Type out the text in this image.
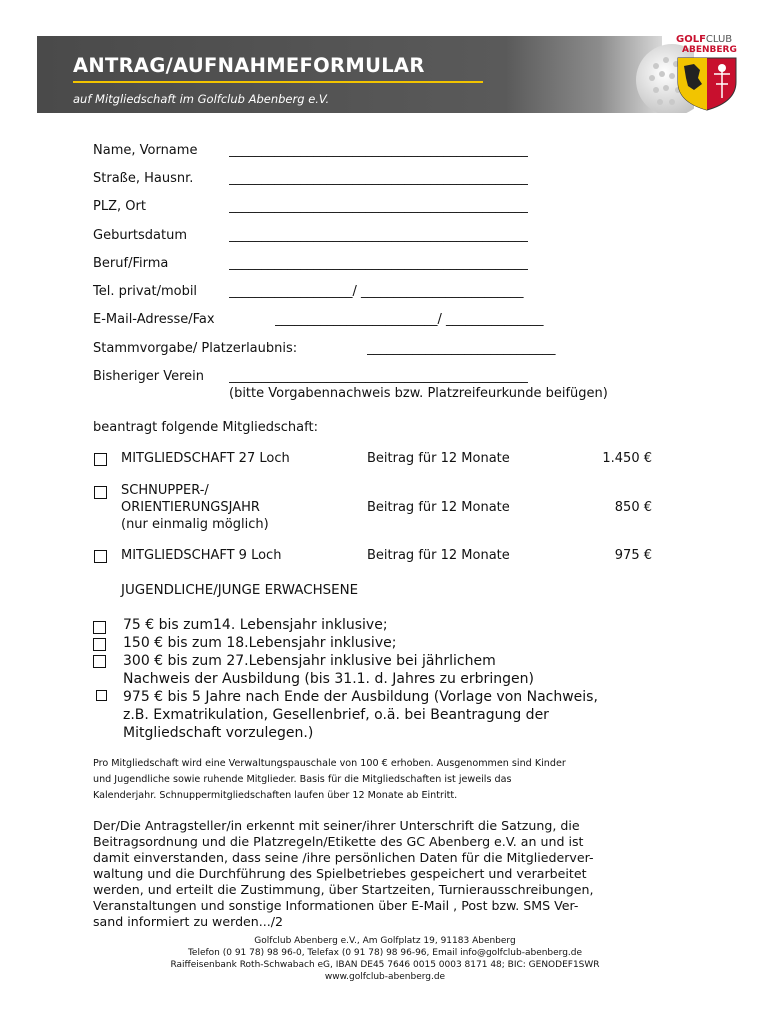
ANTRAG/AUFNAHMEFORMULAR
auf Mitgliedschaft im Golfclub Abenberg e.V.
GOLFCLUB
ABENBERG
Name, Vorname ______________________________________________
Straße, Hausnr.	______________________________________________
PLZ, Ort	______________________________________________
Geburtsdatum	______________________________________________
Beruf/Firma	______________________________________________
Tel. privat/mobil ___________________/ _________________________
E-Mail-Adresse/Fax	_________________________/ _______________
Stammvorgabe/ Platzerlaubnis:	_____________________________
Bisheriger Verein ______________________________________________
(bitte Vorgabennachweis bzw. Platzreifeurkunde beifügen)
beantragt folgende Mitgliedschaft:
MITGLIEDSCHAFT 27 Loch	Beitrag für 12 Monate	1.450 €
SCHNUPPER-/
ORIENTIERUNGSJAHR
(nur einmalig möglich)
Beitrag für 12 Monate	850 €
MITGLIEDSCHAFT 9 Loch	Beitrag für 12 Monate	975 €
JUGENDLICHE/JUNGE ERWACHSENE
75 € bis zum14. Lebensjahr inklusive;
150 € bis zum 18.Lebensjahr inklusive;
300 € bis zum 27.Lebensjahr inklusive bei jährlichem
Nachweis der Ausbildung (bis 31.1. d. Jahres zu erbringen)
975 € bis 5 Jahre nach Ende der Ausbildung (Vorlage von Nachweis,
z.B. Exmatrikulation, Gesellenbrief, o.ä. bei Beantragung der
Mitgliedschaft vorzulegen.)
Pro Mitgliedschaft wird eine Verwaltungspauschale von 100 € erhoben. Ausgenommen sind Kinder
und Jugendliche sowie ruhende Mitglieder. Basis für die Mitgliedschaften ist jeweils das
Kalenderjahr. Schnuppermitgliedschaften laufen über 12 Monate ab Eintritt.
Der/Die Antragsteller/in erkennt mit seiner/ihrer Unterschrift die Satzung, die
Beitragsordnung und die Platzregeln/Etikette des GC Abenberg e.V. an und ist
damit einverstanden, dass seine /ihre persönlichen Daten für die Mitgliederver-
waltung und die Durchführung des Spielbetriebes gespeichert und verarbeitet
werden, und erteilt die Zustimmung, über Startzeiten, Turnierausschreibungen,
Veranstaltungen und sonstige Informationen über E-Mail , Post bzw. SMS Ver-
sand informiert zu werden.../2
Golfclub Abenberg e.V., Am Golfplatz 19, 91183 Abenberg
Telefon (0 91 78) 98 96-0, Telefax (0 91 78) 98 96-96, Email info@golfclub-abenberg.de
Raiffeisenbank Roth-Schwabach eG, IBAN DE45 7646 0015 0003 8171 48; BIC: GENODEF1SWR
www.golfclub-abenberg.de
